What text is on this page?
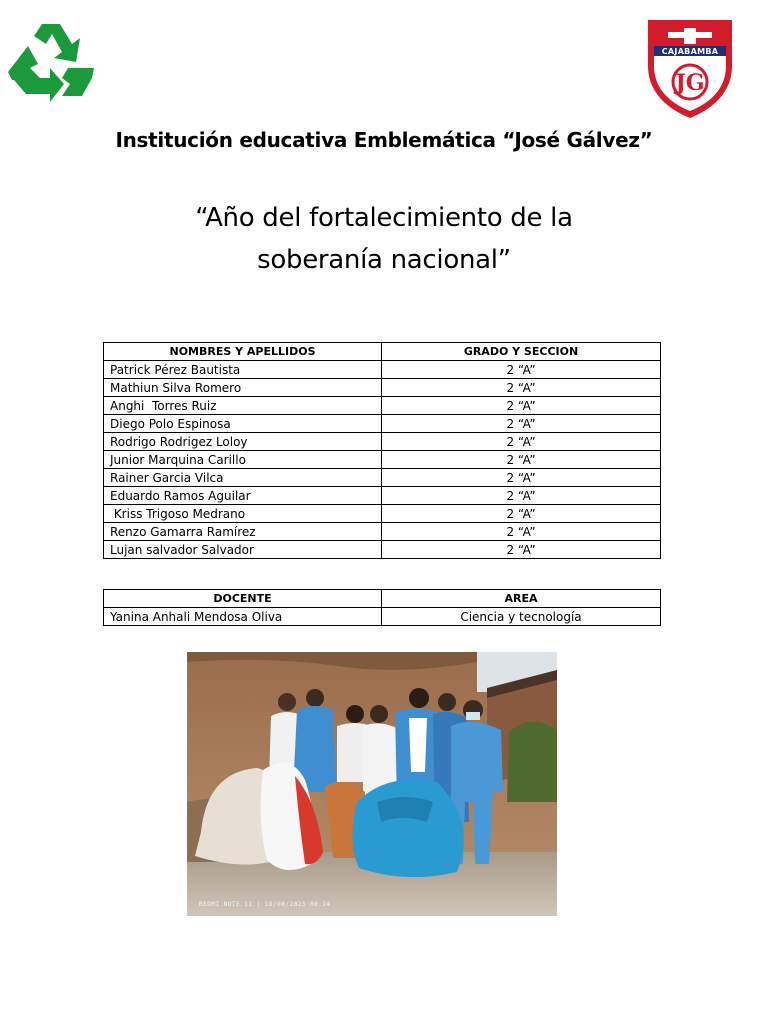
CAJABAMBA
JG
Institución educativa Emblemática “José Gálvez”
“Año del fortalecimiento de la
soberanía nacional”
NOMBRES Y APELLIDOS	GRADO Y SECCION
Patrick Pérez Bautista	2 “A”
Mathiun Silva Romero	2 “A”
Anghi  Torres Ruiz	2 “A”
Diego Polo Espinosa	2 “A”
Rodrigo Rodrigez Loloy	2 “A”
Junior Marquina Carillo	2 “A”
Rainer Garcia Vilca	2 “A”
Eduardo Ramos Aguilar	2 “A”
Kriss Trigoso Medrano	2 “A”
Renzo Gamarra Ramírez	2 “A”
Lujan salvador Salvador	2 “A”
DOCENTE	AREA
Yanina Anhali Mendosa Oliva	Ciencia y tecnología
REDMI NOTE 11 | 18/08/2023 08:14
